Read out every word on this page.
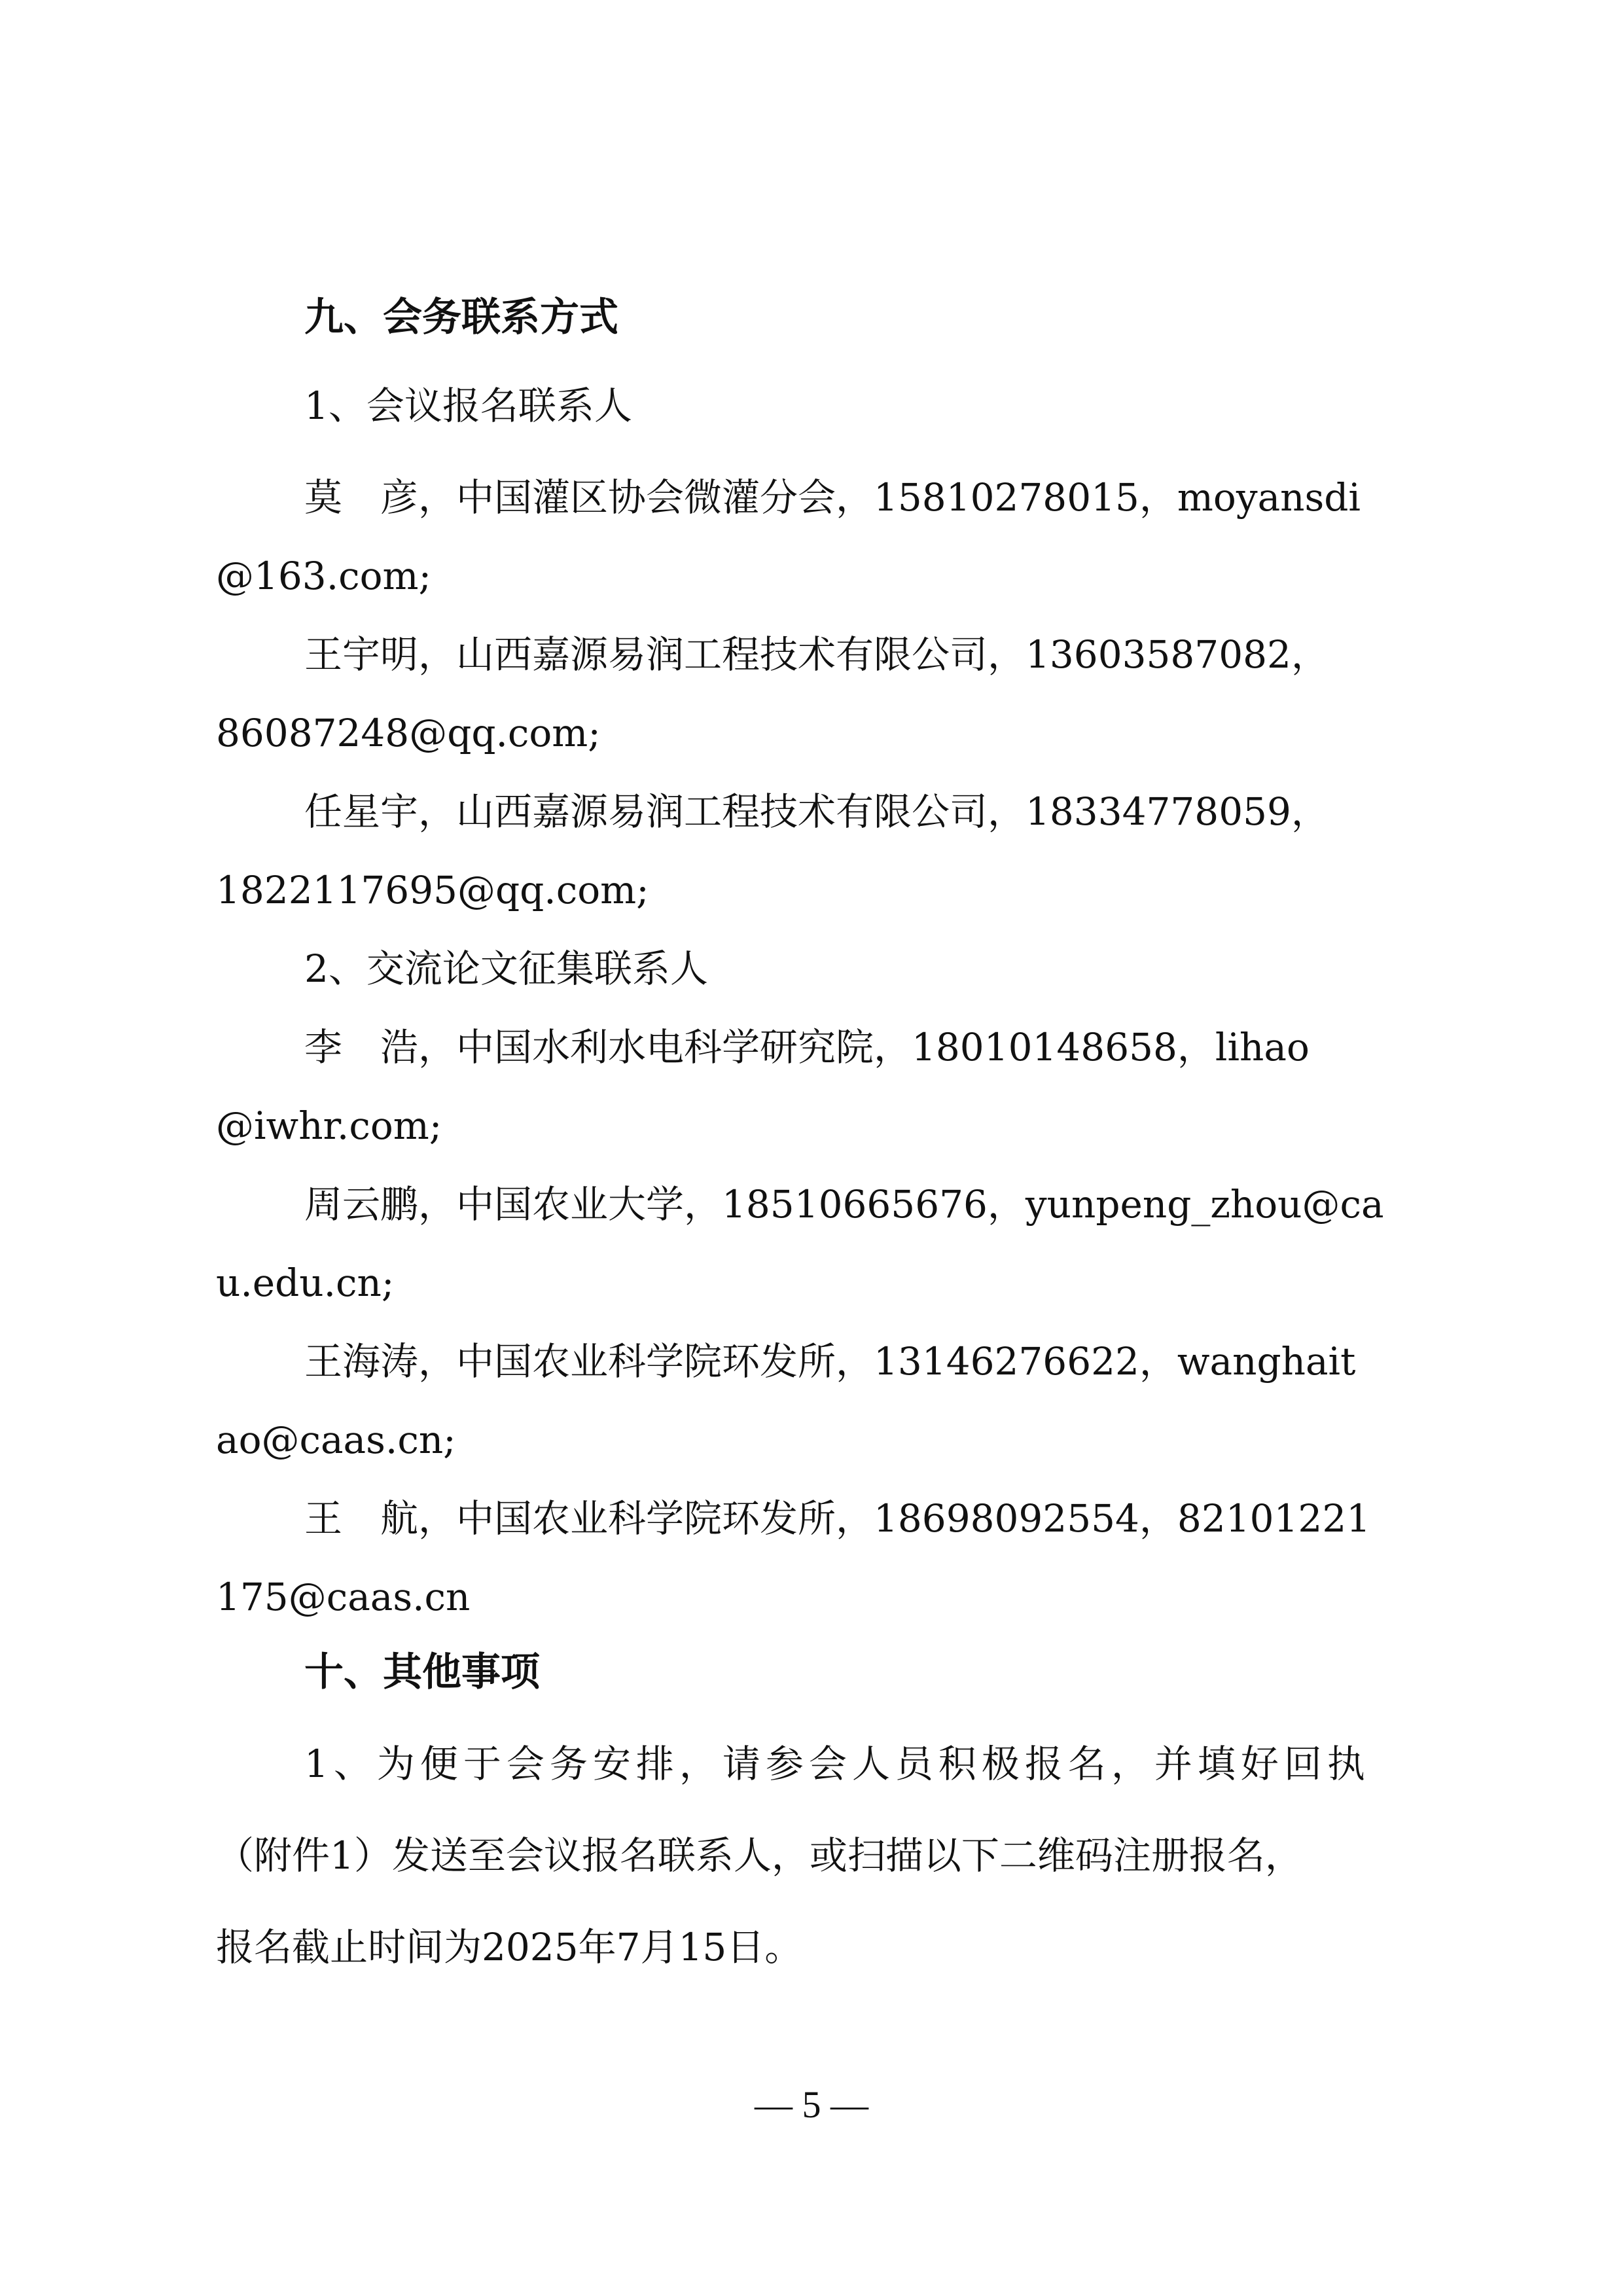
九、会务联系方式
1、会议报名联系人
莫　彦，中国灌区协会微灌分会，15810278015，moyansdi
@163.com;
王宇明，山西嘉源易润工程技术有限公司，13603587082，
86087248@qq.com;
任星宇，山西嘉源易润工程技术有限公司，18334778059，
1822117695@qq.com;
2、交流论文征集联系人
李　浩，中国水利水电科学研究院，18010148658，lihao
@iwhr.com;
周云鹏，中国农业大学，18510665676，yunpeng_zhou@ca
u.edu.cn;
王海涛，中国农业科学院环发所，13146276622，wanghait
ao@caas.cn;
王　航，中国农业科学院环发所，18698092554，82101221
175@caas.cn
十、其他事项
1、为便于会务安排，请参会人员积极报名，并填好回执
（附件1）发送至会议报名联系人，或扫描以下二维码注册报名，
报名截止时间为2025年7月15日。
— 5 —
